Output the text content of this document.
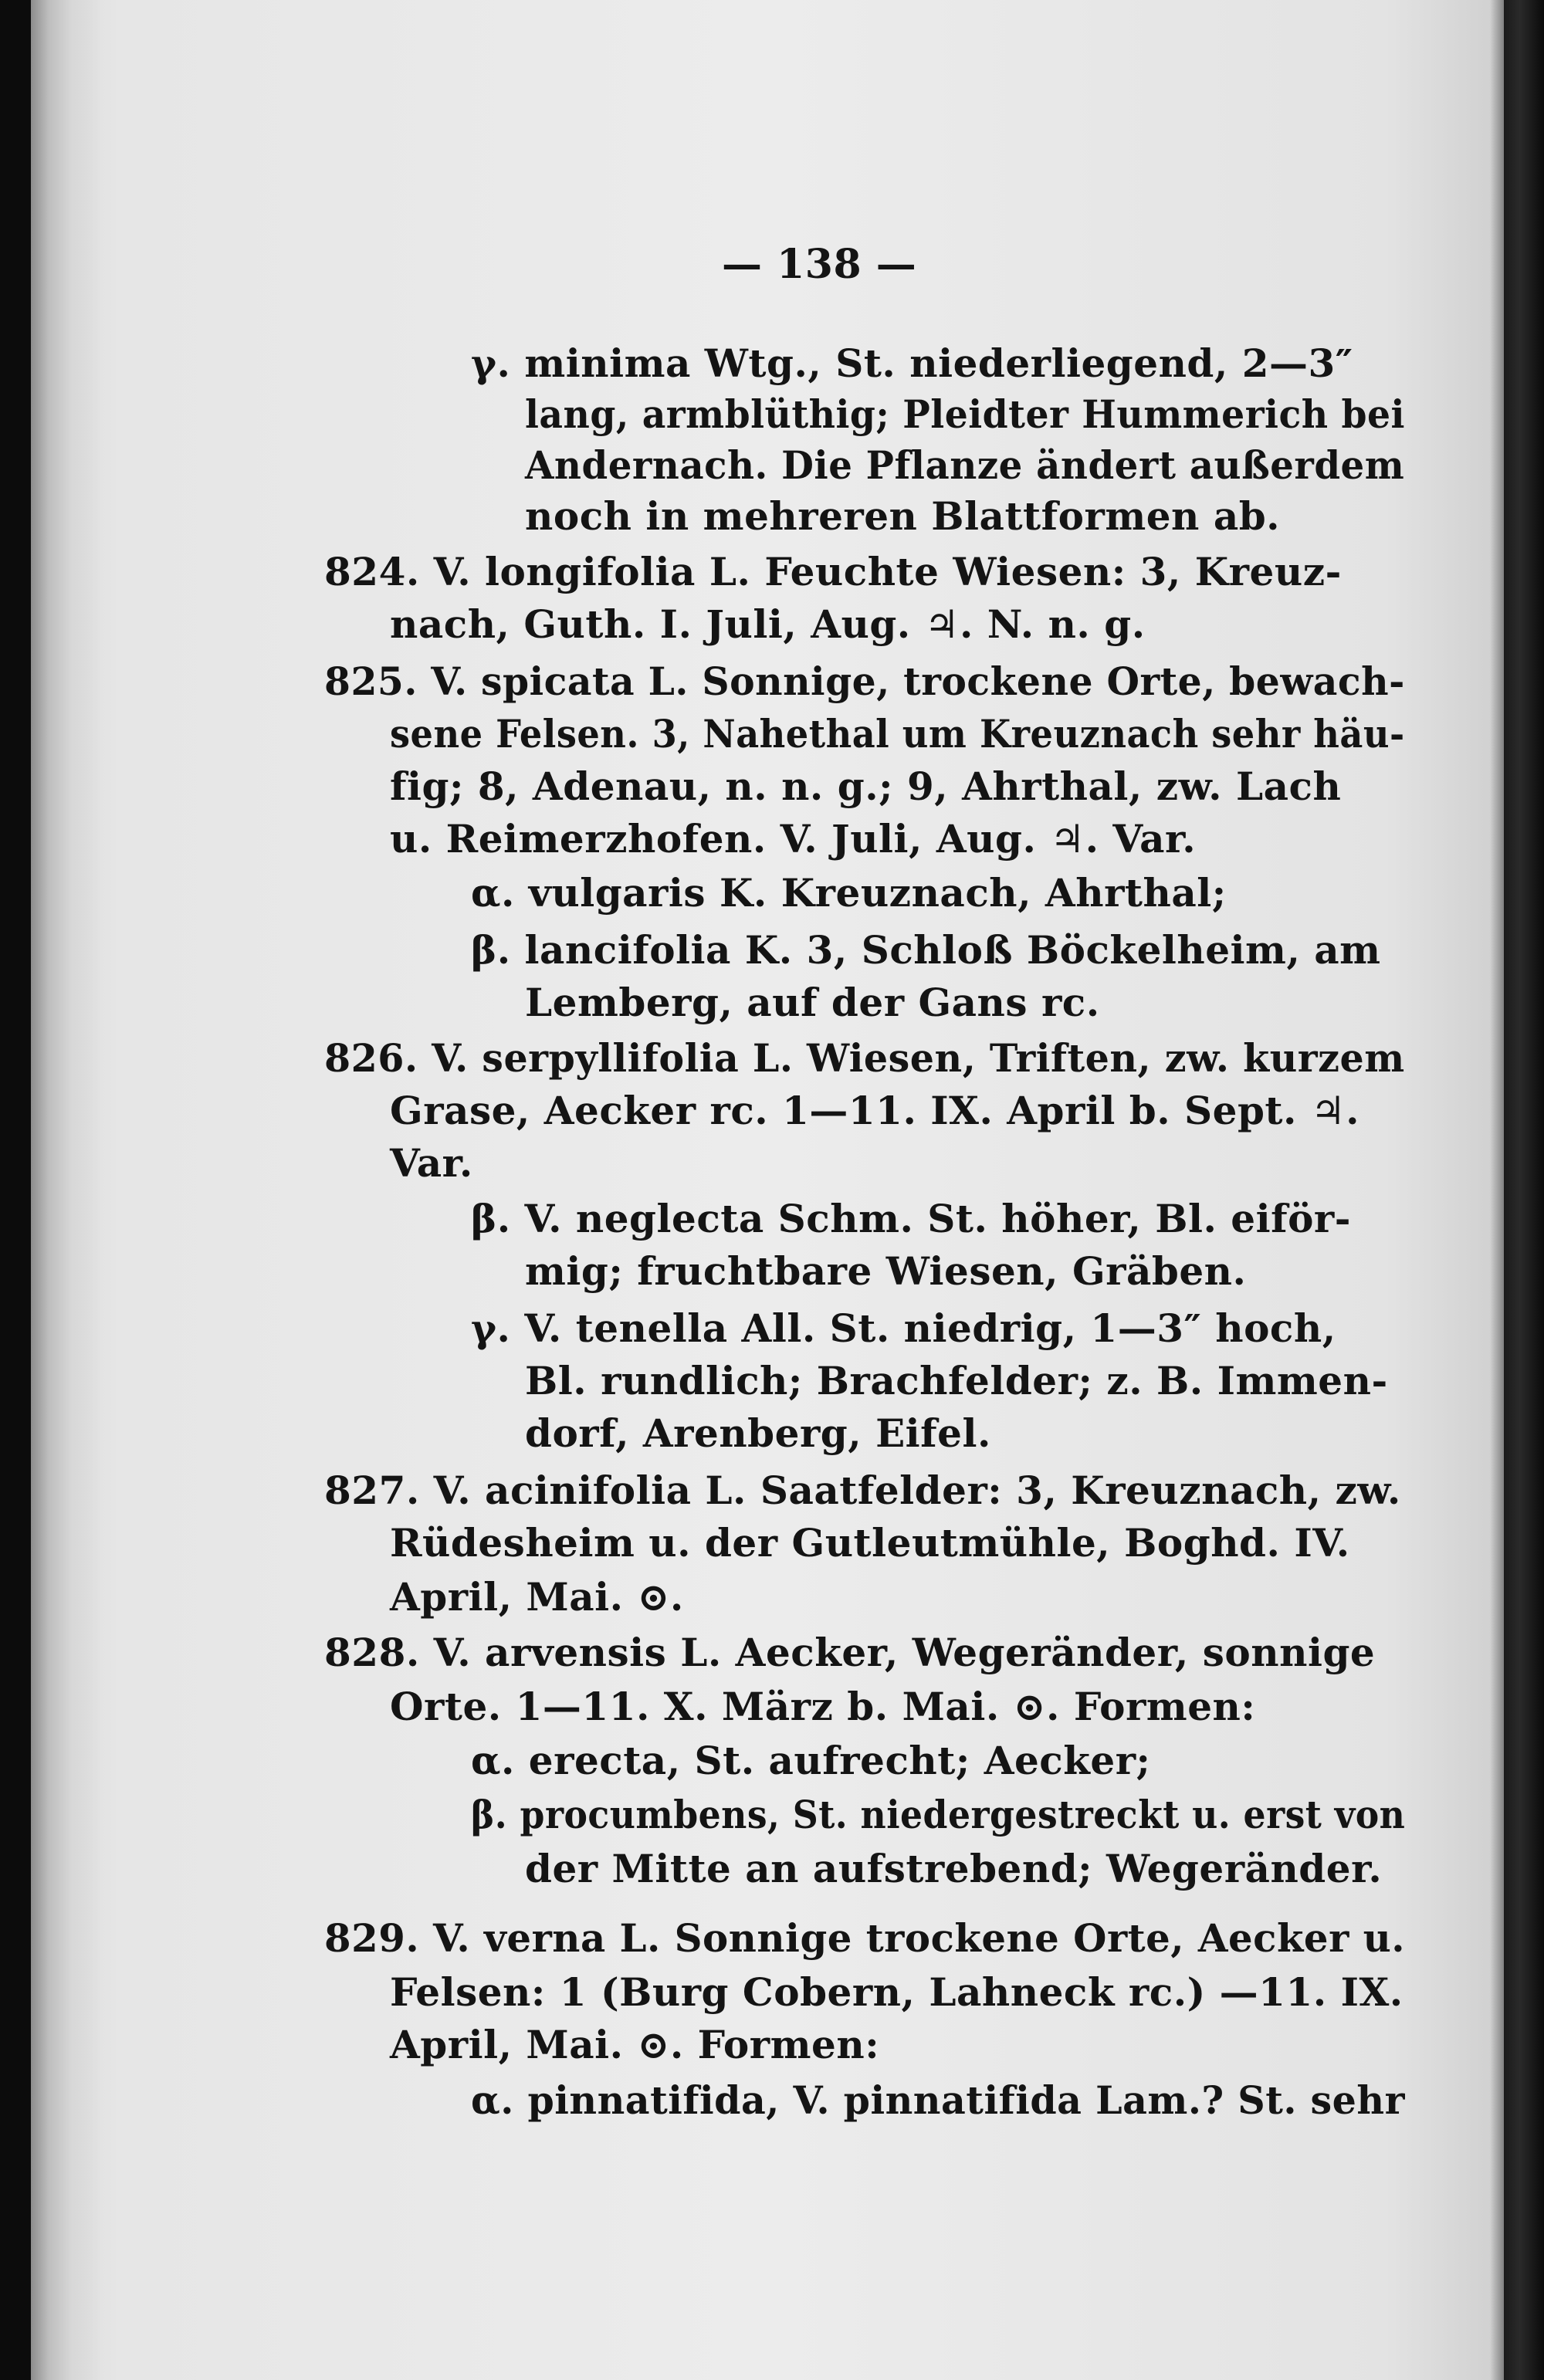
— 138 —
γ. minima Wtg., St. niederliegend, 2—3″
lang, armblüthig; Pleidter Hummerich bei
Andernach. Die Pflanze ändert außerdem
noch in mehreren Blattformen ab.
824. V. longifolia L. Feuchte Wiesen: 3, Kreuz-
nach, Guth. I. Juli, Aug. ♃. N. n. g.
825. V. spicata L. Sonnige, trockene Orte, bewach-
sene Felsen. 3, Nahethal um Kreuznach sehr häu-
fig; 8, Adenau, n. n. g.; 9, Ahrthal, zw. Lach
u. Reimerzhofen. V. Juli, Aug. ♃. Var.
α. vulgaris K. Kreuznach, Ahrthal;
β. lancifolia K. 3, Schloß Böckelheim, am
Lemberg, auf der Gans rc.
826. V. serpyllifolia L. Wiesen, Triften, zw. kurzem
Grase, Aecker rc. 1—11. IX. April b. Sept. ♃.
Var.
β. V. neglecta Schm. St. höher, Bl. eiför-
mig; fruchtbare Wiesen, Gräben.
γ. V. tenella All. St. niedrig, 1—3″ hoch,
Bl. rundlich; Brachfelder; z. B. Immen-
dorf, Arenberg, Eifel.
827. V. acinifolia L. Saatfelder: 3, Kreuznach, zw.
Rüdesheim u. der Gutleutmühle, Boghd. IV.
April, Mai. ⊙.
828. V. arvensis L. Aecker, Wegeränder, sonnige
Orte. 1—11. X. März b. Mai. ⊙. Formen:
α. erecta, St. aufrecht; Aecker;
β. procumbens, St. niedergestreckt u. erst von
der Mitte an aufstrebend; Wegeränder.
829. V. verna L. Sonnige trockene Orte, Aecker u.
Felsen: 1 (Burg Cobern, Lahneck rc.) —11. IX.
April, Mai. ⊙. Formen:
α. pinnatifida, V. pinnatifida Lam.? St. sehr
